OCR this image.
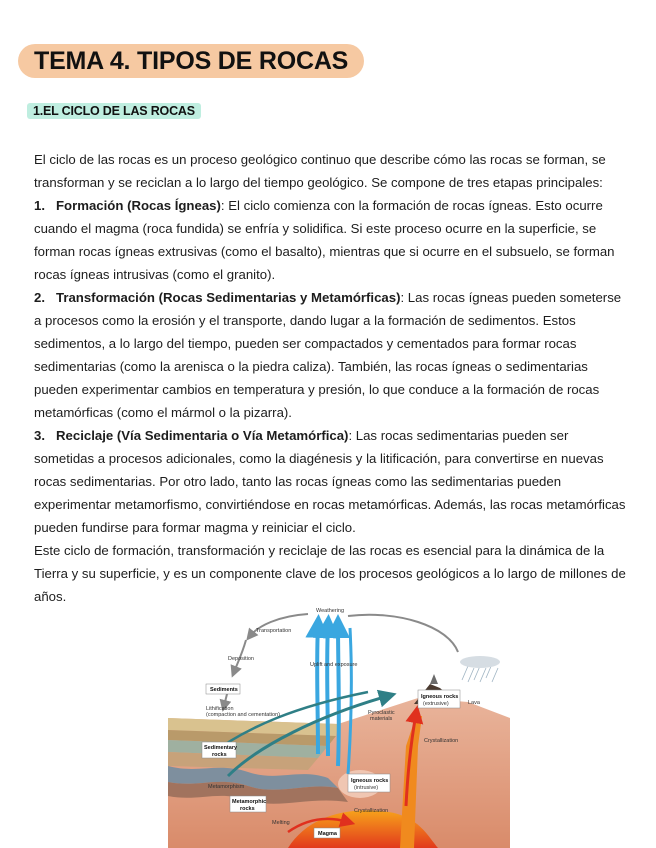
TEMA 4. TIPOS DE ROCAS
1.EL CICLO DE LAS ROCAS

El ciclo de las rocas es un proceso geológico continuo que describe cómo las rocas se forman, se transforman y se reciclan a lo largo del tiempo geológico. Se compone de tres etapas principales:

1. Formación (Rocas Ígneas): El ciclo comienza con la formación de rocas ígneas. Esto ocurre cuando el magma (roca fundida) se enfría y solidifica. Si este proceso ocurre en la superficie, se forman rocas ígneas extrusivas (como el basalto), mientras que si ocurre en el subsuelo, se forman rocas ígneas intrusivas (como el granito).

2. Transformación (Rocas Sedimentarias y Metamórficas): Las rocas ígneas pueden someterse a procesos como la erosión y el transporte, dando lugar a la formación de sedimentos. Estos sedimentos, a lo largo del tiempo, pueden ser compactados y cementados para formar rocas sedimentarias (como la arenisca o la piedra caliza). También, las rocas ígneas o sedimentarias pueden experimentar cambios en temperatura y presión, lo que conduce a la formación de rocas metamórficas (como el mármol o la pizarra).

3. Reciclaje (Vía Sedimentaria o Vía Metamórfica): Las rocas sedimentarias pueden ser sometidas a procesos adicionales, como la diagénesis y la litificación, para convertirse en nuevas rocas sedimentarias. Por otro lado, tanto las rocas ígneas como las sedimentarias pueden experimentar metamorfismo, convirtiéndose en rocas metamórficas. Además, las rocas metamórficas pueden fundirse para formar magma y reiniciar el ciclo.

Este ciclo de formación, transformación y reciclaje de las rocas es esencial para la dinámica de la Tierra y su superficie, y es un componente clave de los procesos geológicos a lo largo de millones de años.

Weathering
Transportation
Deposition
Sediments
Lithification
(compaction and cementation)
Uplift and exposure
Igneous rocks
(extrusive)
Pyroclastic
materials
Lava
Sedimentary
rocks
Crystallization
Igneous rocks
(intrusive)
Metamorphism
Metamorphic
rocks	Crystallization
Melting
Magma
